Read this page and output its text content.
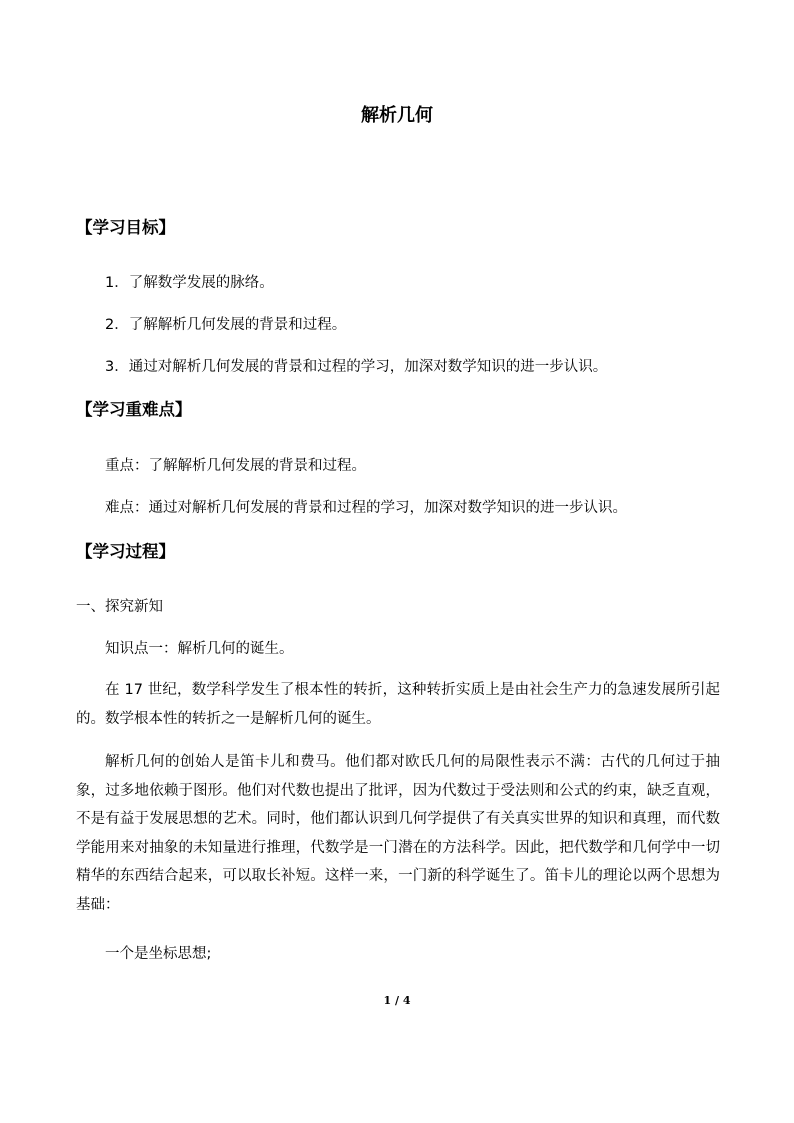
解析几何
【学习目标】
1．了解数学发展的脉络。
2．了解解析几何发展的背景和过程。
3．通过对解析几何发展的背景和过程的学习，加深对数学知识的进一步认识。
【学习重难点】
重点：了解解析几何发展的背景和过程。
难点：通过对解析几何发展的背景和过程的学习，加深对数学知识的进一步认识。
【学习过程】
一、探究新知
知识点一：解析几何的诞生。
在 17 世纪，数学科学发生了根本性的转折，这种转折实质上是由社会生产力的急速发展所引起的。数学根本性的转折之一是解析几何的诞生。
解析几何的创始人是笛卡儿和费马。他们都对欧氏几何的局限性表示不满：古代的几何过于抽象，过多地依赖于图形。他们对代数也提出了批评，因为代数过于受法则和公式的约束，缺乏直观，不是有益于发展思想的艺术。同时，他们都认识到几何学提供了有关真实世界的知识和真理，而代数学能用来对抽象的未知量进行推理，代数学是一门潜在的方法科学。因此，把代数学和几何学中一切精华的东西结合起来，可以取长补短。这样一来，一门新的科学诞生了。笛卡儿的理论以两个思想为基础：
一个是坐标思想;
1 / 4
